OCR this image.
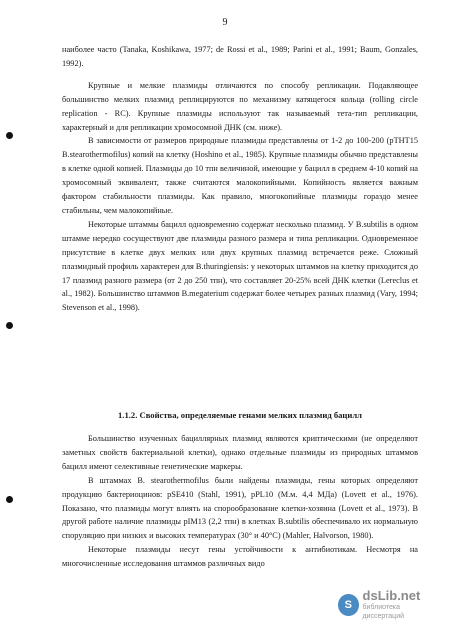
9

наиболее часто (Tanaka, Koshikawa, 1977; de Rossi et al., 1989; Parini et al., 1991; Baum, Gonzales, 1992).

Крупные и мелкие плазмиды отличаются по способу репликации. Подавляющее большинство мелких плазмид реплицируются по механизму катящегося кольца (rolling circle replication - RC). Крупные плазмиды используют так называемый тета-тип репликации, характерный и для репликации хромосомной ДНК (см. ниже).

В зависимости от размеров природные плазмиды представлены от 1-2 до 100-200 (pTHT15 B.stearothermofilus) копий на клетку (Hoshino et al., 1985). Крупные плазмиды обычно представлены в клетке одной копией. Плазмиды до 10 тпн величиной, имеющие у бацилл в среднем 4-10 копий на хромосомный эквивалент, также считаются малокопийными. Копийность является важным фактором стабильности плазмиды. Как правило, многокопийные плазмиды гораздо менее стабильны, чем малокопийные.

Некоторые штаммы бацилл одновременно содержат несколько плазмид. У B.subtilis в одном штамме нередко сосуществуют две плазмиды разного размера и типа репликации. Одновременное присутствие в клетке двух мелких или двух крупных плазмид встречается реже. Сложный плазмидный профиль характерен для B.thuringiensis: у некоторых штаммов на клетку приходится до 17 плазмид разного размера (от 2 до 250 тпн), что составляет 20-25% всей ДНК клетки (Lereclus et al., 1982). Большинство штаммов B.megaterium содержат более четырех разных плазмид (Vary, 1994; Stevenson et al., 1998).

1.1.2. Свойства, определяемые генами мелких плазмид бацилл

Большинство изученных бациллярных плазмид являются криптическими (не определяют заметных свойств бактериальной клетки), однако отдельные плазмиды из природных штаммов бацилл имеют селективные генетические маркеры.

В штаммах B. stearothermofilus были найдены плазмиды, гены которых определяют продукцию бактериоцинов: pSE410 (Stahl, 1991), pPL10 (М.м. 4,4 МДа) (Lovett et al., 1976). Показано, что плазмиды могут влиять на спорообразование клетки-хозяина (Lovett et al., 1973). В другой работе наличие плазмиды pIM13 (2,2 тпн) в клетках B.subtilis обеспечивало их нормальную споруляцию при низких и высоких температурах (30° и 40°C) (Mahler, Halvorson, 1980).

Некоторые плазмиды несут гены устойчивости к антибиотикам. Несмотря на многочисленные исследования штаммов различных видо

S
dsLib.net
библиотека диссертаций
